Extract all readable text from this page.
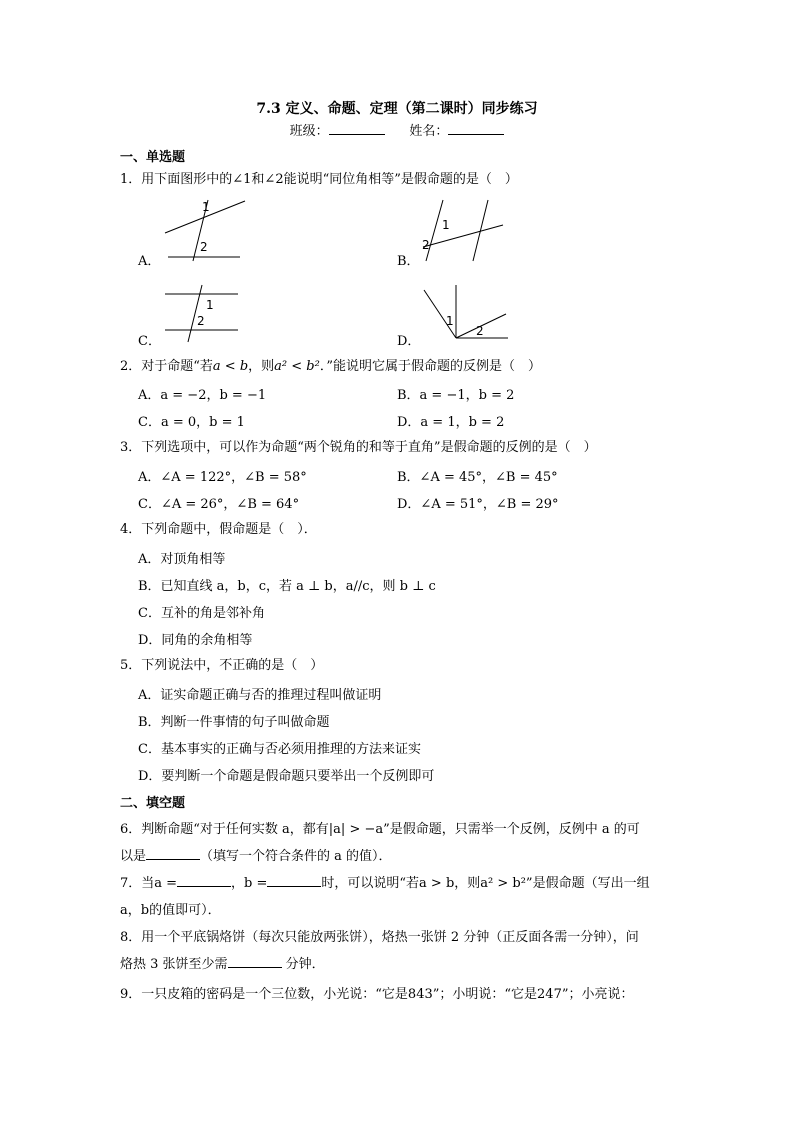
7.3 定义、命题、定理（第二课时）同步练习
班级：	姓名：
一、单选题
1．用下面图形中的∠1和∠2能说明“同位角相等”是假命题的是（　）
A．
1
2
B．
1
2
C．
1
2
D．
1
2
2．对于命题“若a < b，则a² < b²．”能说明它属于假命题的反例是（　）
A．a = −2，b = −1	B．a = −1，b = 2
C．a = 0，b = 1	D．a = 1，b = 2
3．下列选项中，可以作为命题“两个锐角的和等于直角”是假命题的反例的是（　）
A．∠A = 122°，∠B = 58°	B．∠A = 45°，∠B = 45°
C．∠A = 26°，∠B = 64°	D．∠A = 51°，∠B = 29°
4．下列命题中，假命题是（　）．
A．对顶角相等
B．已知直线 a，b，c，若 a ⊥ b，a//c，则 b ⊥ c
C．互补的角是邻补角
D．同角的余角相等
5．下列说法中，不正确的是（　）
A．证实命题正确与否的推理过程叫做证明
B．判断一件事情的句子叫做命题
C．基本事实的正确与否必须用推理的方法来证实
D．要判断一个命题是假命题只要举出一个反例即可
二、填空题
6．判断命题“对于任何实数 a，都有|a| > −a”是假命题，只需举一个反例，反例中 a 的可
以是	（填写一个符合条件的 a 的值）．
7．当a =	，b =	时，可以说明“若a > b，则a² > b²”是假命题（写出一组
a，b的值即可）．
8．用一个平底锅烙饼（每次只能放两张饼），烙热一张饼 2 分钟（正反面各需一分钟），问
烙热 3 张饼至少需	分钟．
9．一只皮箱的密码是一个三位数，小光说：“它是843”；小明说：“它是247”；小亮说：
